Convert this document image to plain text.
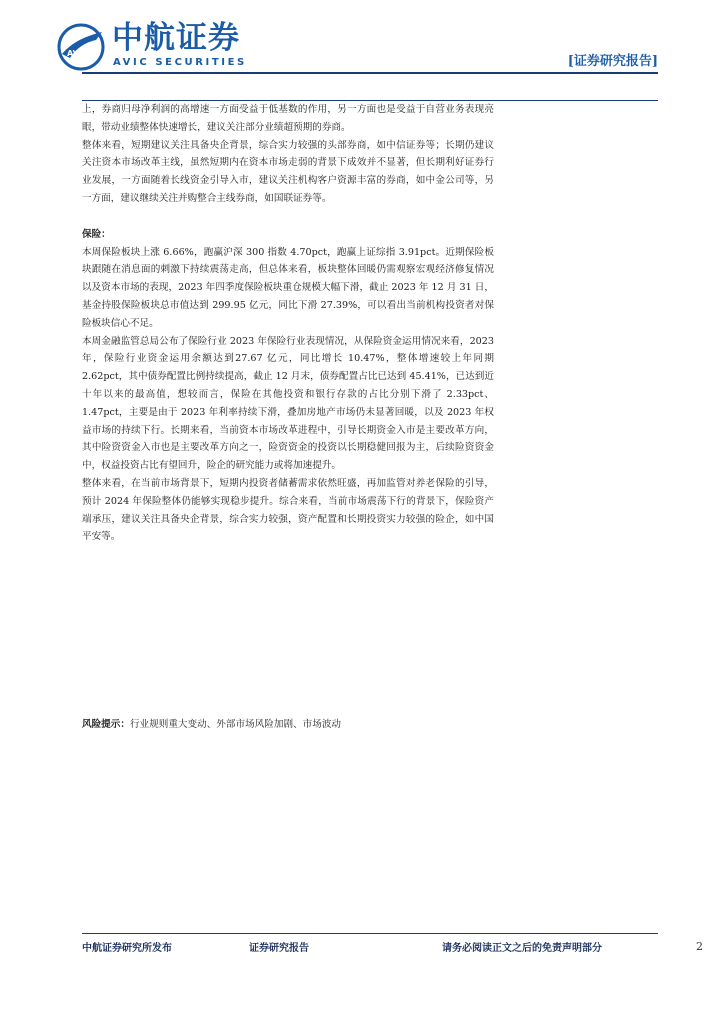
AVIC 中航证券
AVIC SECURITIES	[证券研究报告]

上，券商归母净利润的高增速一方面受益于低基数的作用，另一方面也是受益于自营业务表现亮眼，带动业绩整体快速增长，建议关注部分业绩超预期的券商。

整体来看，短期建议关注具备央企背景，综合实力较强的头部券商，如中信证券等；长期仍建议关注资本市场改革主线，虽然短期内在资本市场走弱的背景下成效并不显著，但长期利好证券行业发展，一方面随着长线资金引导入市，建议关注机构客户资源丰富的券商，如中金公司等，另一方面，建议继续关注并购整合主线券商，如国联证券等。

保险：

本周保险板块上涨 6.66%，跑赢沪深 300 指数 4.70pct，跑赢上证综指 3.91pct。近期保险板块跟随在消息面的刺激下持续震荡走高，但总体来看，板块整体回暖仍需观察宏观经济修复情况以及资本市场的表现，2023 年四季度保险板块重仓规模大幅下滑，截止 2023 年 12 月 31 日，基金持股保险板块总市值达到 299.95 亿元，同比下滑 27.39%，可以看出当前机构投资者对保险板块信心不足。

本周金融监管总局公布了保险行业 2023 年保险行业表现情况，从保险资金运用情况来看，2023 年，保险行业资金运用余额达到27.67 亿元，同比增长 10.47%，整体增速较上年同期 2.62pct，其中债券配置比例持续提高，截止 12 月末，债券配置占比已达到 45.41%，已达到近十年以来的最高值，想较而言，保险在其他投资和银行存款的占比分别下滑了 2.33pct、1.47pct，主要是由于 2023 年利率持续下滑，叠加房地产市场仍未显著回暖，以及 2023 年权益市场的持续下行。长期来看，当前资本市场改革进程中，引导长期资金入市是主要改革方向，其中险资资金入市也是主要改革方向之一，险资资金的投资以长期稳健回报为主，后续险资资金中，权益投资占比有望回升，险企的研究能力或将加速提升。

整体来看，在当前市场背景下，短期内投资者储蓄需求依然旺盛，再加监管对养老保险的引导，预计 2024 年保险整体仍能够实现稳步提升。综合来看，当前市场震荡下行的背景下，保险资产端承压，建议关注具备央企背景，综合实力较强，资产配置和长期投资实力较强的险企，如中国平安等。

风险提示：行业规则重大变动、外部市场风险加剧、市场波动
中航证券研究所发布	证券研究报告	请务必阅读正文之后的免责声明部分	2
